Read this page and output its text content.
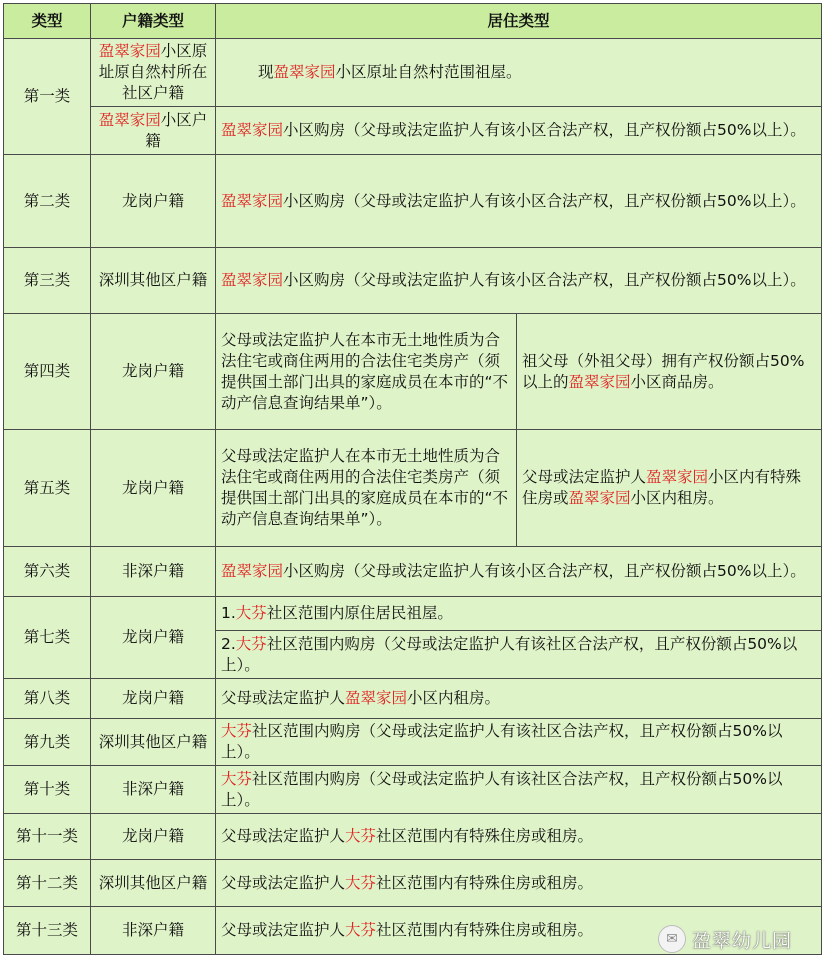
类型	户籍类型	居住类型	
第一类	盈翠家园小区原址原自然村所在社区户籍	现盈翠家园小区原址自然村范围祖屋。	
	盈翠家园小区户籍	盈翠家园小区购房（父母或法定监护人有该小区合法产权，且产权份额占50%以上）。	
第二类	龙岗户籍	盈翠家园小区购房（父母或法定监护人有该小区合法产权，且产权份额占50%以上）。	
第三类	深圳其他区户籍	盈翠家园小区购房（父母或法定监护人有该小区合法产权，且产权份额占50%以上）。	
第四类	龙岗户籍	父母或法定监护人在本市无土地性质为合法住宅或商住两用的合法住宅类房产（须提供国土部门出具的家庭成员在本市的“不动产信息查询结果单”）。	祖父母（外祖父母）拥有产权份额占50%以上的盈翠家园小区商品房。
第五类	龙岗户籍	父母或法定监护人在本市无土地性质为合法住宅或商住两用的合法住宅类房产（须提供国土部门出具的家庭成员在本市的“不动产信息查询结果单”）。	父母或法定监护人盈翠家园小区内有特殊住房或盈翠家园小区内租房。
第六类	非深户籍	盈翠家园小区购房（父母或法定监护人有该小区合法产权，且产权份额占50%以上）。	
第七类	龙岗户籍	1.大芬社区范围内原住居民祖屋。	
		2.大芬社区范围内购房（父母或法定监护人有该社区合法产权，且产权份额占50%以上）。	
第八类	龙岗户籍	父母或法定监护人盈翠家园小区内租房。	
第九类	深圳其他区户籍	大芬社区范围内购房（父母或法定监护人有该社区合法产权，且产权份额占50%以上）。	
第十类	非深户籍	大芬社区范围内购房（父母或法定监护人有该社区合法产权，且产权份额占50%以上）。	
第十一类	龙岗户籍	父母或法定监护人大芬社区范围内有特殊住房或租房。	
第十二类	深圳其他区户籍	父母或法定监护人大芬社区范围内有特殊住房或租房。	
第十三类	非深户籍	父母或法定监护人大芬社区范围内有特殊住房或租房。		✉ 盈翠幼儿园
